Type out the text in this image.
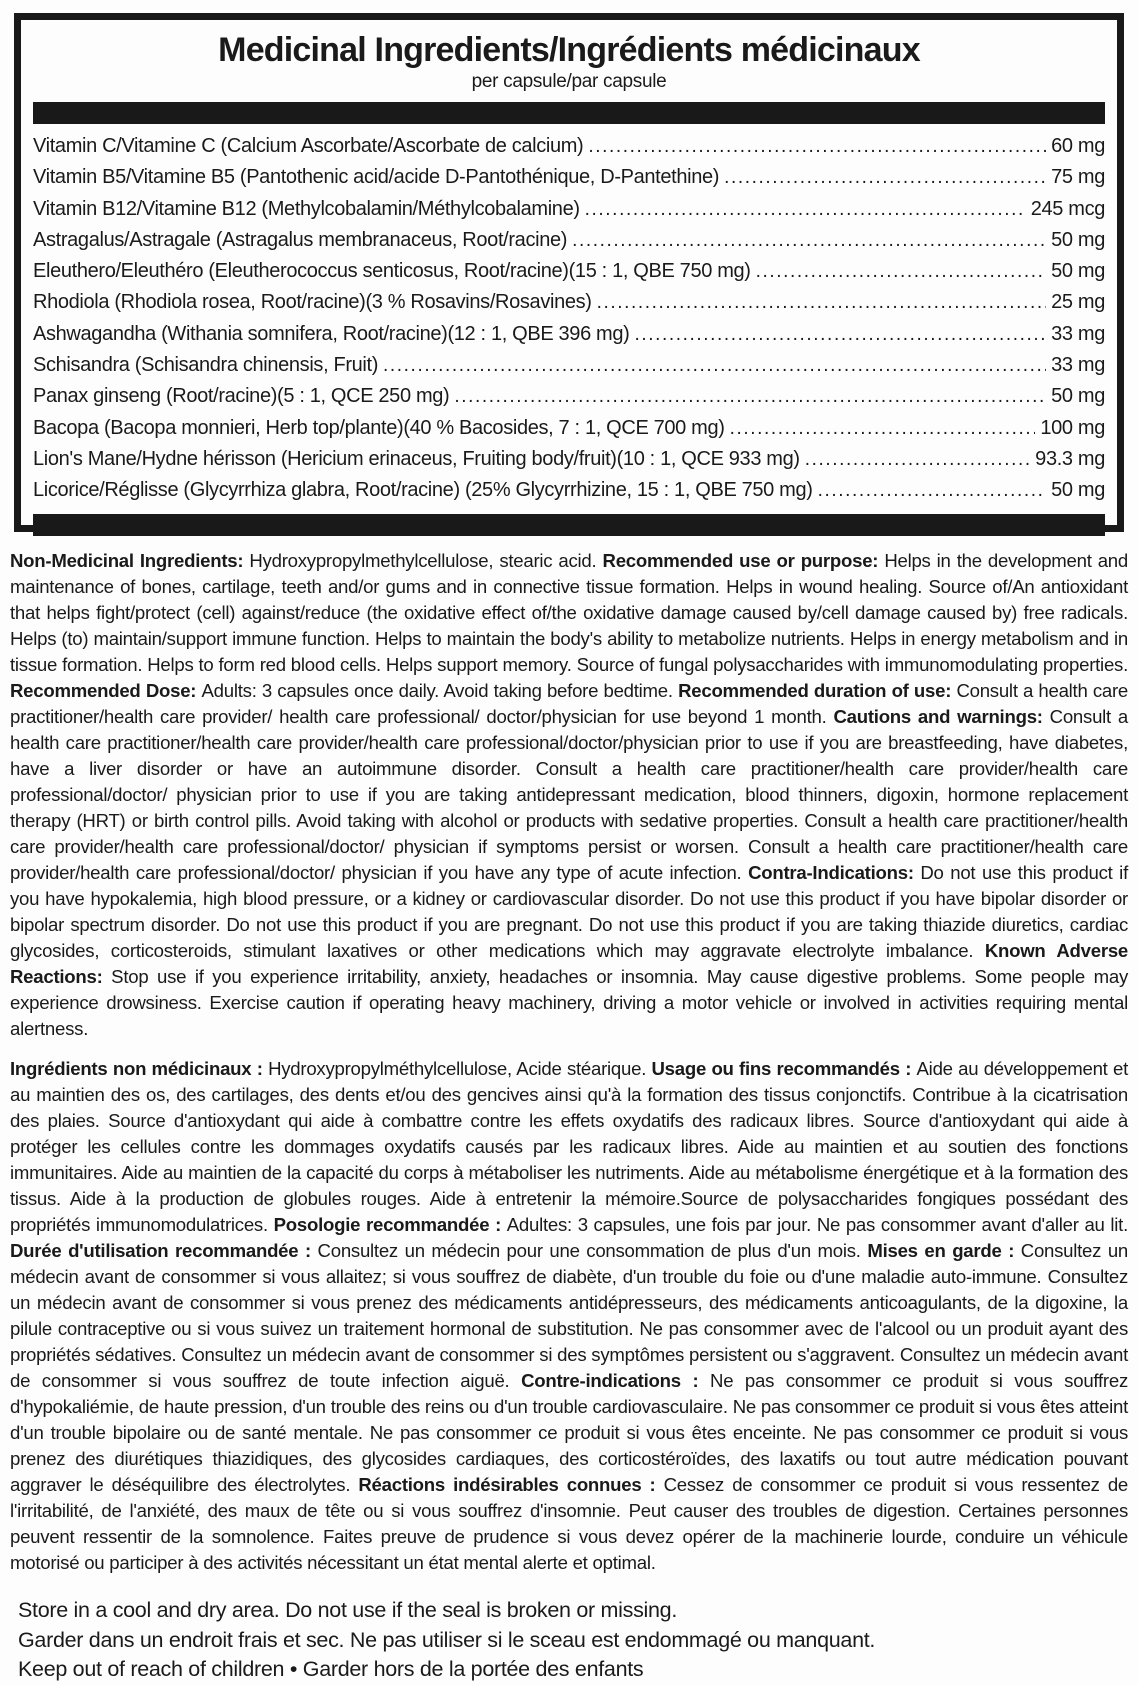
Medicinal Ingredients/Ingrédients médicinaux
per capsule/par capsule
Vitamin C/Vitamine C (Calcium Ascorbate/Ascorbate de calcium) .....	60 mg
Vitamin B5/Vitamine B5 (Pantothenic acid/acide D-Pantothénique, D-Pantethine) .....	75 mg
Vitamin B12/Vitamine B12 (Methylcobalamin/Méthylcobalamine) .....	245 mcg
Astragalus/Astragale (Astragalus membranaceus, Root/racine) .....	50 mg
Eleuthero/Eleuthéro (Eleutherococcus senticosus, Root/racine)(15 : 1, QBE 750 mg) .....	50 mg
Rhodiola (Rhodiola rosea, Root/racine)(3 % Rosavins/Rosavines) .....	25 mg
Ashwagandha (Withania somnifera, Root/racine)(12 : 1, QBE 396 mg) .....	33 mg
Schisandra (Schisandra chinensis, Fruit) .....	33 mg
Panax ginseng (Root/racine)(5 : 1, QCE 250 mg) .....	50 mg
Bacopa (Bacopa monnieri, Herb top/plante)(40 % Bacosides, 7 : 1, QCE 700 mg) .....	100 mg
Lion's Mane/Hydne hérisson (Hericium erinaceus, Fruiting body/fruit)(10 : 1, QCE 933 mg) .....	93.3 mg
Licorice/Réglisse (Glycyrrhiza glabra, Root/racine) (25% Glycyrrhizine, 15 : 1, QBE 750 mg) .....	50 mg

Non-Medicinal Ingredients: Hydroxypropylmethylcellulose, stearic acid. Recommended use or purpose: Helps in the development and maintenance of bones, cartilage, teeth and/or gums and in connective tissue formation. Helps in wound healing. Source of/An antioxidant that helps fight/protect (cell) against/reduce (the oxidative effect of/the oxidative damage caused by/cell damage caused by) free radicals. Helps (to) maintain/support immune function. Helps to maintain the body's ability to metabolize nutrients. Helps in energy metabolism and in tissue formation. Helps to form red blood cells. Helps support memory. Source of fungal polysaccharides with immunomodulating properties. Recommended Dose: Adults: 3 capsules once daily. Avoid taking before bedtime. Recommended duration of use: Consult a health care practitioner/health care provider/ health care professional/ doctor/physician for use beyond 1 month. Cautions and warnings: Consult a health care practitioner/health care provider/health care professional/doctor/physician prior to use if you are breastfeeding, have diabetes, have a liver disorder or have an autoimmune disorder. Consult a health care practitioner/health care provider/health care professional/doctor/ physician prior to use if you are taking antidepressant medication, blood thinners, digoxin, hormone replacement therapy (HRT) or birth control pills. Avoid taking with alcohol or products with sedative properties. Consult a health care practitioner/health care provider/health care professional/doctor/ physician if symptoms persist or worsen. Consult a health care practitioner/health care provider/health care professional/doctor/ physician if you have any type of acute infection. Contra-Indications: Do not use this product if you have hypokalemia, high blood pressure, or a kidney or cardiovascular disorder. Do not use this product if you have bipolar disorder or bipolar spectrum disorder. Do not use this product if you are pregnant. Do not use this product if you are taking thiazide diuretics, cardiac glycosides, corticosteroids, stimulant laxatives or other medications which may aggravate electrolyte imbalance. Known Adverse Reactions: Stop use if you experience irritability, anxiety, headaches or insomnia. May cause digestive problems. Some people may experience drowsiness. Exercise caution if operating heavy machinery, driving a motor vehicle or involved in activities requiring mental alertness.

Ingrédients non médicinaux : Hydroxypropylméthylcellulose, Acide stéarique. Usage ou fins recommandés : Aide au développement et au maintien des os, des cartilages, des dents et/ou des gencives ainsi qu'à la formation des tissus conjonctifs. Contribue à la cicatrisation des plaies. Source d'antioxydant qui aide à combattre contre les effets oxydatifs des radicaux libres. Source d'antioxydant qui aide à protéger les cellules contre les dommages oxydatifs causés par les radicaux libres. Aide au maintien et au soutien des fonctions immunitaires. Aide au maintien de la capacité du corps à métaboliser les nutriments. Aide au métabolisme énergétique et à la formation des tissus. Aide à la production de globules rouges. Aide à entretenir la mémoire.Source de polysaccharides fongiques possédant des propriétés immunomodulatrices. Posologie recommandée : Adultes: 3 capsules, une fois par jour. Ne pas consommer avant d'aller au lit. Durée d'utilisation recommandée : Consultez un médecin pour une consommation de plus d'un mois. Mises en garde : Consultez un médecin avant de consommer si vous allaitez; si vous souffrez de diabète, d'un trouble du foie ou d'une maladie auto-immune. Consultez un médecin avant de consommer si vous prenez des médicaments antidépresseurs, des médicaments anticoagulants, de la digoxine, la pilule contraceptive ou si vous suivez un traitement hormonal de substitution. Ne pas consommer avec de l'alcool ou un produit ayant des propriétés sédatives. Consultez un médecin avant de consommer si des symptômes persistent ou s'aggravent. Consultez un médecin avant de consommer si vous souffrez de toute infection aiguë. Contre-indications : Ne pas consommer ce produit si vous souffrez d'hypokaliémie, de haute pression, d'un trouble des reins ou d'un trouble cardiovasculaire. Ne pas consommer ce produit si vous êtes atteint d'un trouble bipolaire ou de santé mentale. Ne pas consommer ce produit si vous êtes enceinte. Ne pas consommer ce produit si vous prenez des diurétiques thiazidiques, des glycosides cardiaques, des corticostéroïdes, des laxatifs ou tout autre médication pouvant aggraver le déséquilibre des électrolytes. Réactions indésirables connues : Cessez de consommer ce produit si vous ressentez de l'irritabilité, de l'anxiété, des maux de tête ou si vous souffrez d'insomnie. Peut causer des troubles de digestion. Certaines personnes peuvent ressentir de la somnolence. Faites preuve de prudence si vous devez opérer de la machinerie lourde, conduire un véhicule motorisé ou participer à des activités nécessitant un état mental alerte et optimal.

Store in a cool and dry area. Do not use if the seal is broken or missing.
Garder dans un endroit frais et sec. Ne pas utiliser si le sceau est endommagé ou manquant.
Keep out of reach of children • Garder hors de la portée des enfants
